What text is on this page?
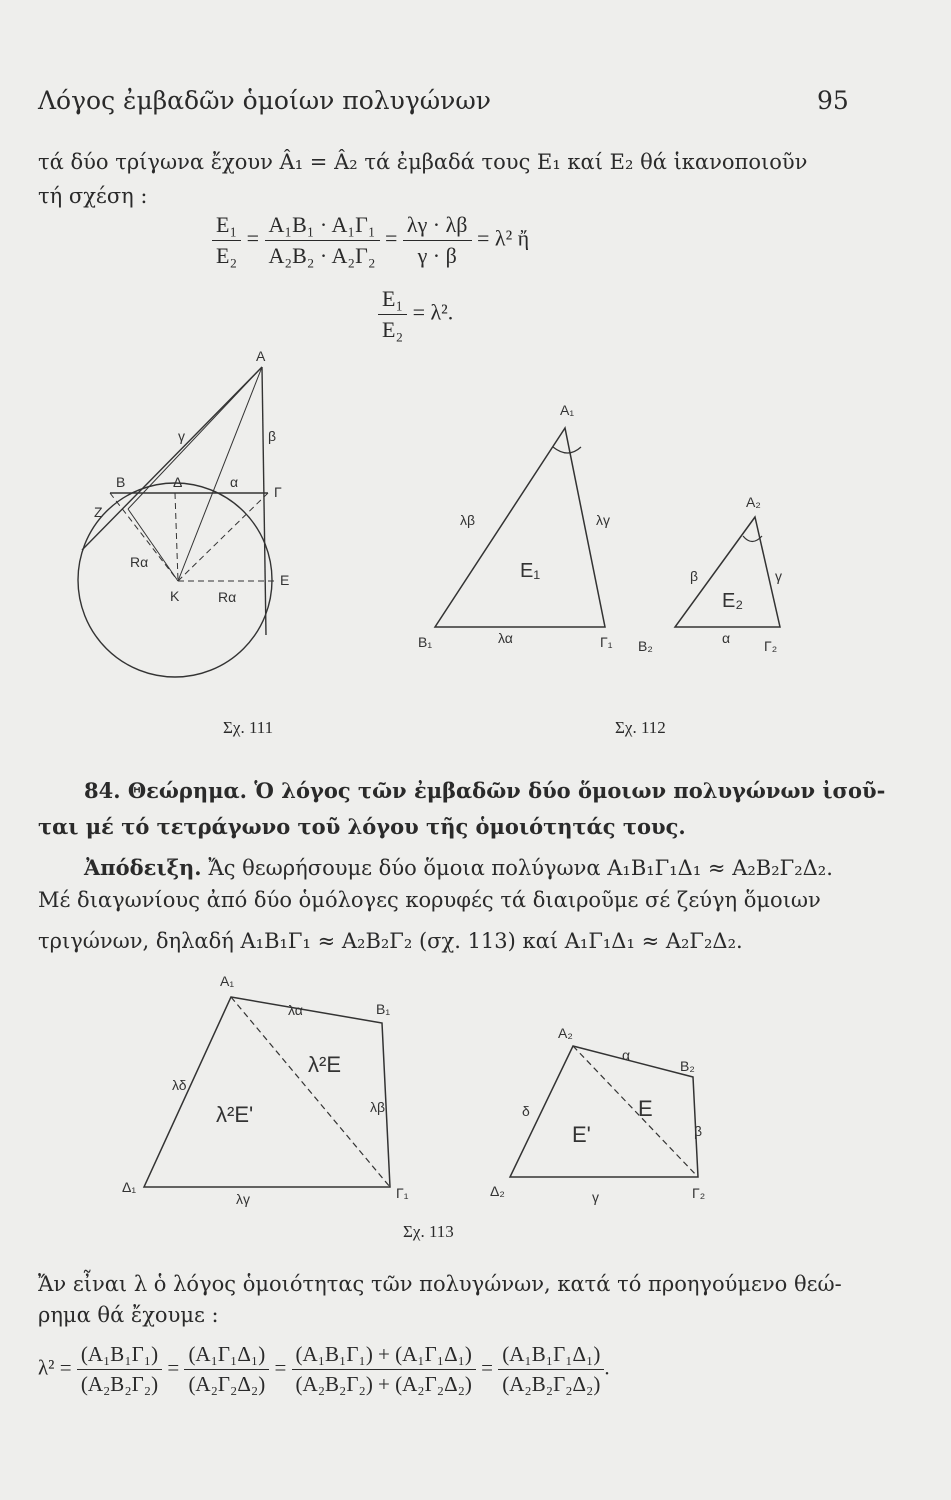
Λόγος ἐμβαδῶν ὁμοίων πολυγώνων	95
τά δύο τρίγωνα ἔχουν Â₁ = Â₂ τά ἐμβαδά τους Ε₁ καί Ε₂ θά ἱκανοποιοῦν
τή σχέση :
$\frac{\text{E₁}}{\text{E₂}} = \frac{\text{A₁B₁ · A₁Γ₁}}{\text{A₂B₂ · A₂Γ₂}} = \frac{\lambda\gamma \cdot \lambda\beta}{\gamma \cdot \beta} = \lambda^2$ ἤ
$\frac{\text{E₁}}{\text{E₂}} = \lambda^2$.
A
B
Γ
Δ
Z
K
E
γ	β
α
Rα
Rα
Σχ. 111
A₁
B₁	Γ₁
E₁
λβ	λγ
λα
A₂
B₂	Γ₂
E₂
β	γ
α
Σχ. 112
84. Θεώρημα. Ὁ λόγος τῶν ἐμβαδῶν δύο ὅμοιων πολυγώνων ἰσοῦ-
ται μέ τό τετράγωνο τοῦ λόγου τῆς ὁμοιότητάς τους.
Ἀπόδειξη. Ἄς θεωρήσουμε δύο ὅμοια πολύγωνα Α₁Β₁Γ₁Δ₁ ≈ Α₂Β₂Γ₂Δ₂.
Μέ διαγωνίους ἀπό δύο ὁμόλογες κορυφές τά διαιροῦμε σέ ζεύγη ὅμοιων
τριγώνων, δηλαδή Α₁Β₁Γ₁ ≈ Α₂Β₂Γ₂ (σχ. 113) καί Α₁Γ₁Δ₁ ≈ Α₂Γ₂Δ₂.
A₁
B₁
Γ₁
Δ₁
λα
λδ
λβ
λγ
λ²E
λ²E'
A₂
B₂
Γ₂
Δ₂
α
δ
β
γ
E
E'
Σχ. 113
Ἄν εἶναι λ ὁ λόγος ὁμοιότητας τῶν πολυγώνων, κατά τό προηγούμενο θεώ-
ρημα θά ἔχουμε :
$\lambda^2 = \frac{\text{(A₁B₁Γ₁)}}{\text{(A₂B₂Γ₂)}} = \frac{\text{(A₁Γ₁Δ₁)}}{\text{(A₂Γ₂Δ₂)}} = \frac{\text{(A₁B₁Γ₁) + (A₁Γ₁Δ₁)}}{\text{(A₂B₂Γ₂) + (A₂Γ₂Δ₂)}} = \frac{\text{(A₁B₁Γ₁Δ₁)}}{\text{(A₂B₂Γ₂Δ₂)}}$ .
